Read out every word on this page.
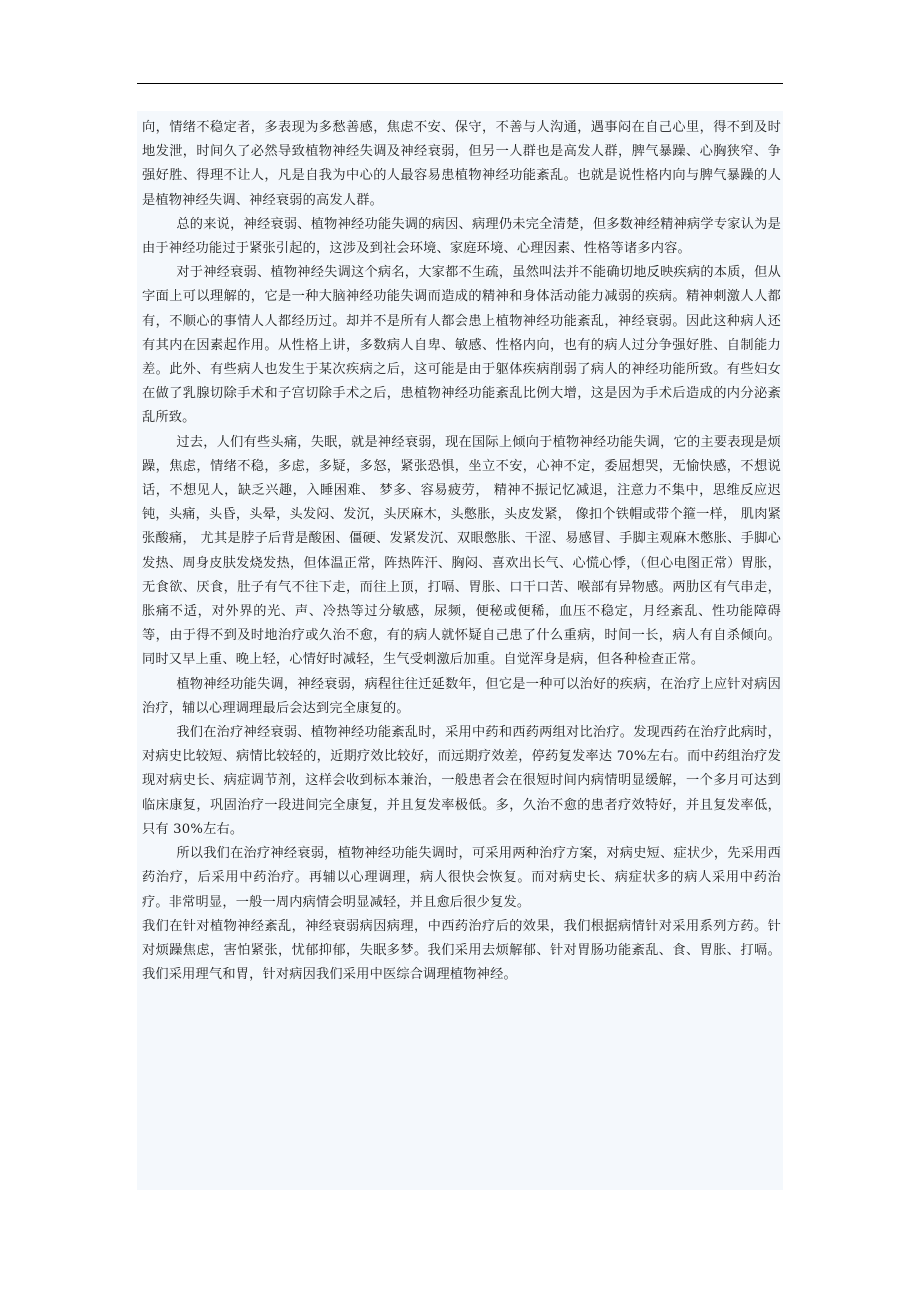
向，情绪不稳定者，多表现为多愁善感，焦虑不安、保守，不善与人沟通，遇事闷在自己心里，得不到及时地发泄，时间久了必然导致植物神经失调及神经衰弱，但另一人群也是高发人群，脾气暴躁、心胸狭窄、争强好胜、得理不让人，凡是自我为中心的人最容易患植物神经功能紊乱。也就是说性格内向与脾气暴躁的人是植物神经失调、神经衰弱的高发人群。

总的来说，神经衰弱、植物神经功能失调的病因、病理仍未完全清楚，但多数神经精神病学专家认为是由于神经功能过于紧张引起的，这涉及到社会环境、家庭环境、心理因素、性格等诸多内容。

对于神经衰弱、植物神经失调这个病名，大家都不生疏，虽然叫法并不能确切地反映疾病的本质，但从字面上可以理解的，它是一种大脑神经功能失调而造成的精神和身体活动能力减弱的疾病。精神刺激人人都有，不顺心的事情人人都经历过。却并不是所有人都会患上植物神经功能紊乱，神经衰弱。因此这种病人还有其内在因素起作用。从性格上讲，多数病人自卑、敏感、性格内向，也有的病人过分争强好胜、自制能力差。此外、有些病人也发生于某次疾病之后，这可能是由于躯体疾病削弱了病人的神经功能所致。有些妇女在做了乳腺切除手术和子宫切除手术之后，患植物神经功能紊乱比例大增，这是因为手术后造成的内分泌紊乱所致。

过去，人们有些头痛，失眠，就是神经衰弱，现在国际上倾向于植物神经功能失调，它的主要表现是烦躁，焦虑，情绪不稳，多虑，多疑，多怒，紧张恐惧，坐立不安，心神不定，委屈想哭，无愉快感，不想说话，不想见人，缺乏兴趣，入睡困难、 梦多、容易疲劳， 精神不振记忆减退，注意力不集中，思维反应迟钝，头痛，头昏，头晕，头发闷、发沉，头厌麻木，头憋胀，头皮发紧， 像扣个铁帽或带个箍一样， 肌肉紧张酸痛， 尤其是脖子后背是酸困、僵硬、发紧发沉、双眼憋胀、干涩、易感冒、手脚主观麻木憋胀、手脚心发热、周身皮肤发烧发热，但体温正常，阵热阵汗、胸闷、喜欢出长气、心慌心悸，（但心电图正常）胃胀，无食欲、厌食，肚子有气不往下走，而往上顶，打嗝、胃胀、口干口苦、喉部有异物感。两肋区有气串走，胀痛不适，对外界的光、声、冷热等过分敏感，尿频，便秘或便稀，血压不稳定，月经紊乱、性功能障碍等，由于得不到及时地治疗或久治不愈，有的病人就怀疑自己患了什么重病，时间一长，病人有自杀倾向。同时又早上重、晚上轻，心情好时减轻，生气受刺激后加重。自觉浑身是病，但各种检查正常。

植物神经功能失调，神经衰弱，病程往往迁延数年，但它是一种可以治好的疾病，在治疗上应针对病因治疗，辅以心理调理最后会达到完全康复的。

我们在治疗神经衰弱、植物神经功能紊乱时，采用中药和西药两组对比治疗。发现西药在治疗此病时，对病史比较短、病情比较轻的，近期疗效比较好，而远期疗效差，停药复发率达 70%左右。而中药组治疗发现对病史长、病症调节剂，这样会收到标本兼治，一般患者会在很短时间内病情明显缓解，一个多月可达到临床康复，巩固治疗一段进间完全康复，并且复发率极低。多，久治不愈的患者疗效特好，并且复发率低，只有 30%左右。

所以我们在治疗神经衰弱，植物神经功能失调时，可采用两种治疗方案，对病史短、症状少，先采用西药治疗，后采用中药治疗。再辅以心理调理，病人很快会恢复。而对病史长、病症状多的病人采用中药治疗。非常明显，一般一周内病情会明显减轻，并且愈后很少复发。

我们在针对植物神经紊乱，神经衰弱病因病理，中西药治疗后的效果，我们根据病情针对采用系列方药。针对烦躁焦虑，害怕紧张，忧郁抑郁，失眠多梦。我们采用去烦解郁、针对胃肠功能紊乱、食、胃胀、打嗝。我们采用理气和胃，针对病因我们采用中医综合调理植物神经。
